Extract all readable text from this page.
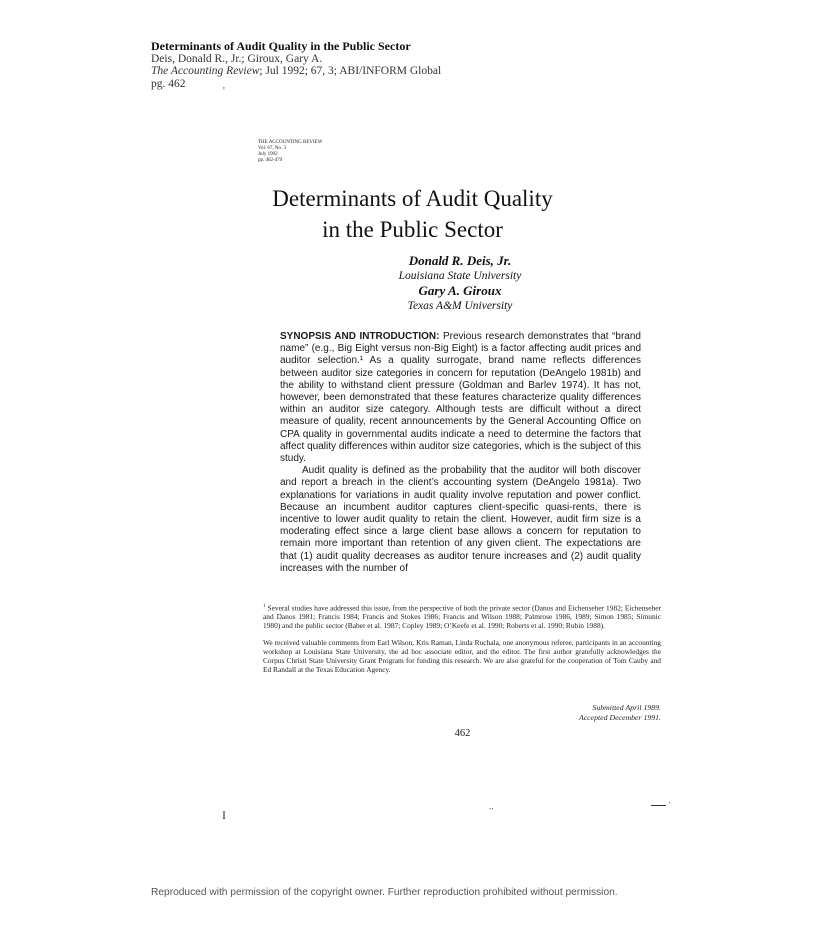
Determinants of Audit Quality in the Public Sector
Deis, Donald R., Jr.; Giroux, Gary A.
The Accounting Review; Jul 1992; 67, 3; ABI/INFORM Global
pg. 462
'
THE ACCOUNTING REVIEW
Vol. 67, No. 3
July 1992
pp. 462-479
Determinants of Audit Quality
in the Public Sector
Donald R. Deis, Jr.
Louisiana State University
Gary A. Giroux
Texas A&M University

SYNOPSIS AND INTRODUCTION: Previous research demonstrates that “brand name” (e.g., Big Eight versus non-Big Eight) is a factor affecting audit prices and auditor selection.¹ As a quality surrogate, brand name reflects differences between auditor size categories in concern for reputation (DeAngelo 1981b) and the ability to withstand client pressure (Goldman and Barlev 1974). It has not, however, been demonstrated that these features characterize quality differences within an auditor size category. Although tests are difficult without a direct measure of quality, recent announcements by the General Accounting Office on CPA quality in governmental audits indicate a need to determine the factors that affect quality differences within auditor size categories, which is the subject of this study.

Audit quality is defined as the probability that the auditor will both discover and report a breach in the client’s accounting system (DeAngelo 1981a). Two explanations for variations in audit quality involve reputation and power conflict. Because an incumbent auditor captures client-specific quasi-rents, there is incentive to lower audit quality to retain the client. However, audit firm size is a moderating effect since a large client base allows a concern for reputation to remain more important than retention of any given client. The expectations are that (1) audit quality decreases as auditor tenure increases and (2) audit quality increases with the number of

$^1$ Several studies have addressed this issue, from the perspective of both the private sector (Danos and Eichenseher 1982; Eichenseher and Danos 1981; Francis 1984; Francis and Stokes 1986; Francis and Wilson 1988; Palmrose 1986, 1989; Simon 1985; Simunic 1980) and the public sector (Baber et al. 1987; Copley 1989; O’Keefe et al. 1990; Roberts et al. 1990; Rubin 1988).

We received valuable comments from Earl Wilson, Kris Raman, Linda Ruchala, one anonymous referee, participants in an accounting workshop at Louisiana State University, the ad hoc associate editor, and the editor. The first author gratefully acknowledges the Corpus Christi State University Grant Program for funding this research. We are also grateful for the cooperation of Tom Cauby and Ed Randall at the Texas Education Agency.

Submitted April 1989.
Accepted December 1991.
462
I
..	'
Reproduced with permission of the copyright owner. Further reproduction prohibited without permission.
